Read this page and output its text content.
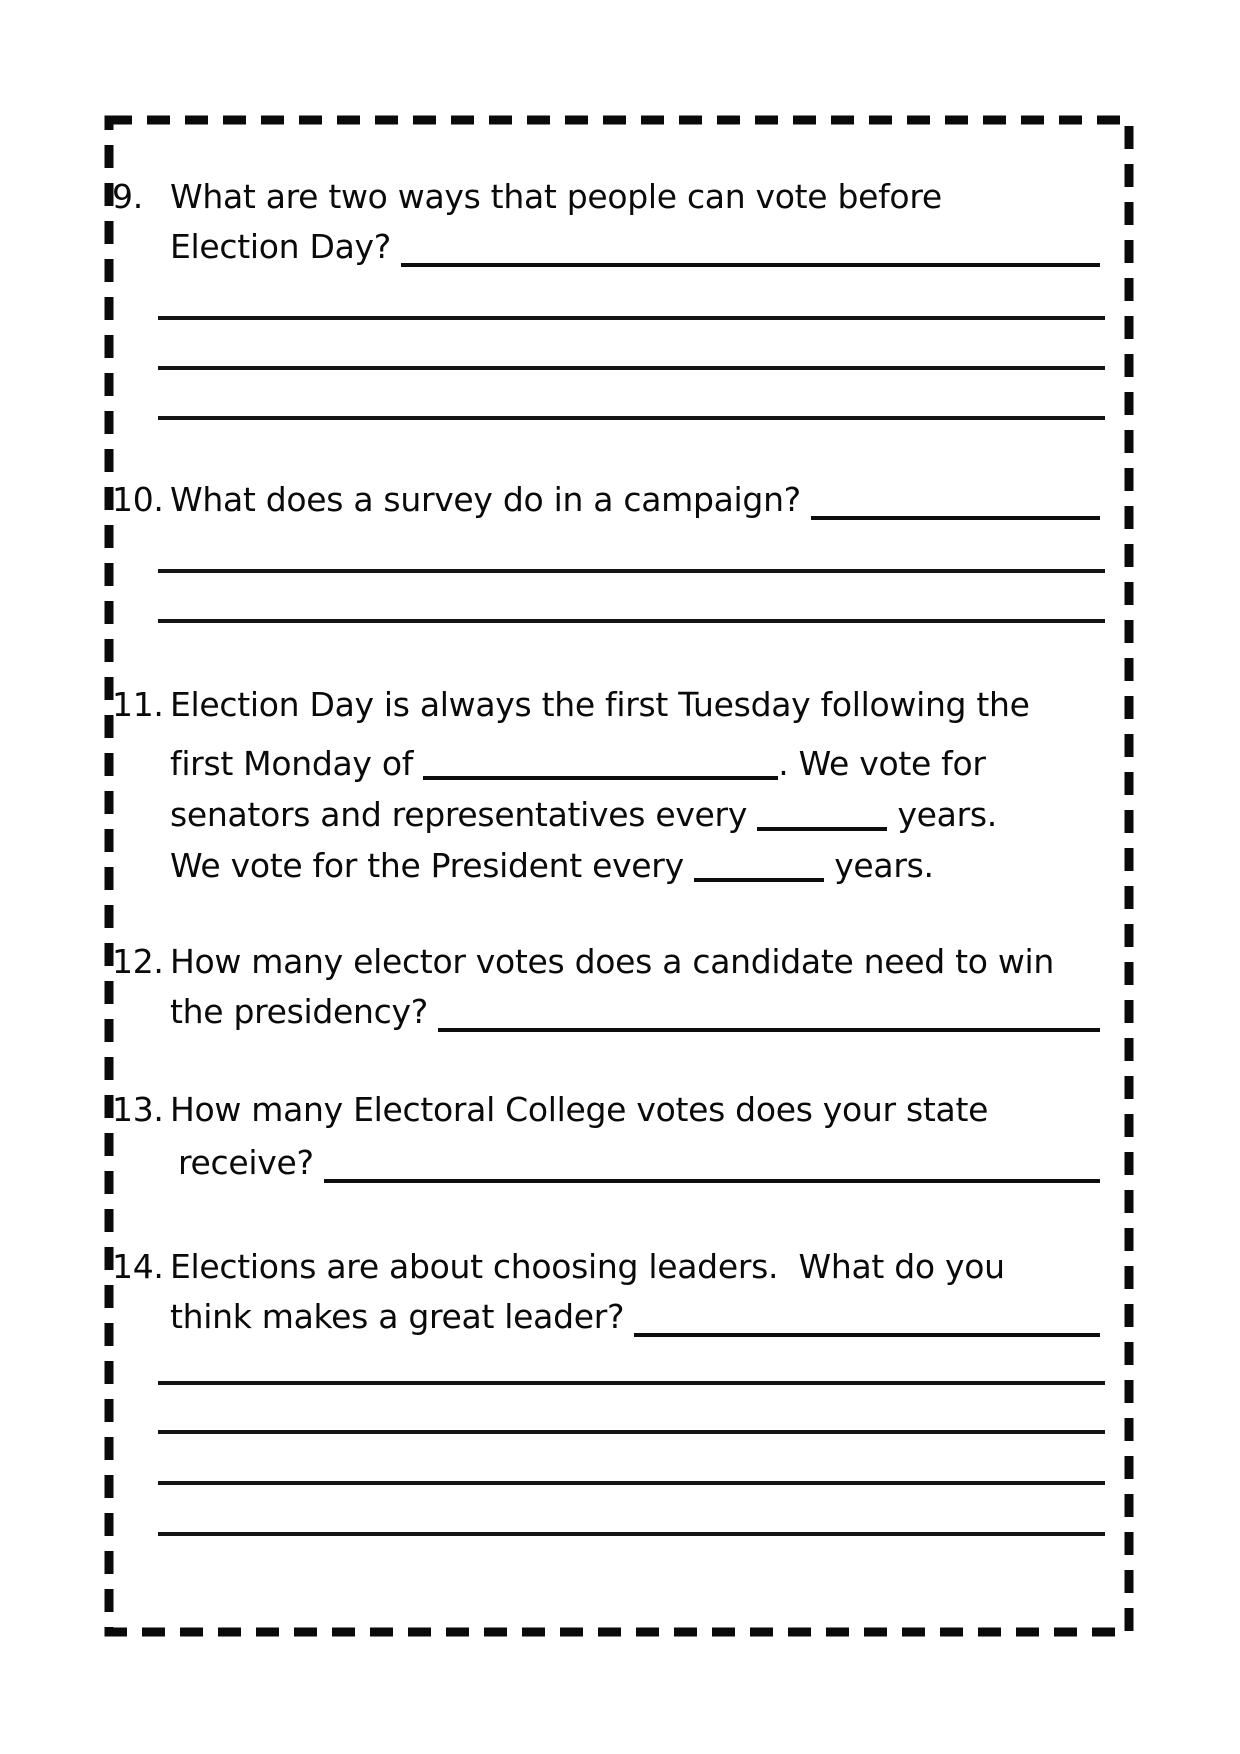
9. What are two ways that people can vote before
Election Day?
10. What does a survey do in a campaign?
11. Election Day is always the first Tuesday following the
first Monday of	. We vote for
senators and representatives every	years.
We vote for the President every	years.
12. How many elector votes does a candidate need to win
the presidency?
13. How many Electoral College votes does your state
receive?
14. Elections are about choosing leaders.  What do you
think makes a great leader?
